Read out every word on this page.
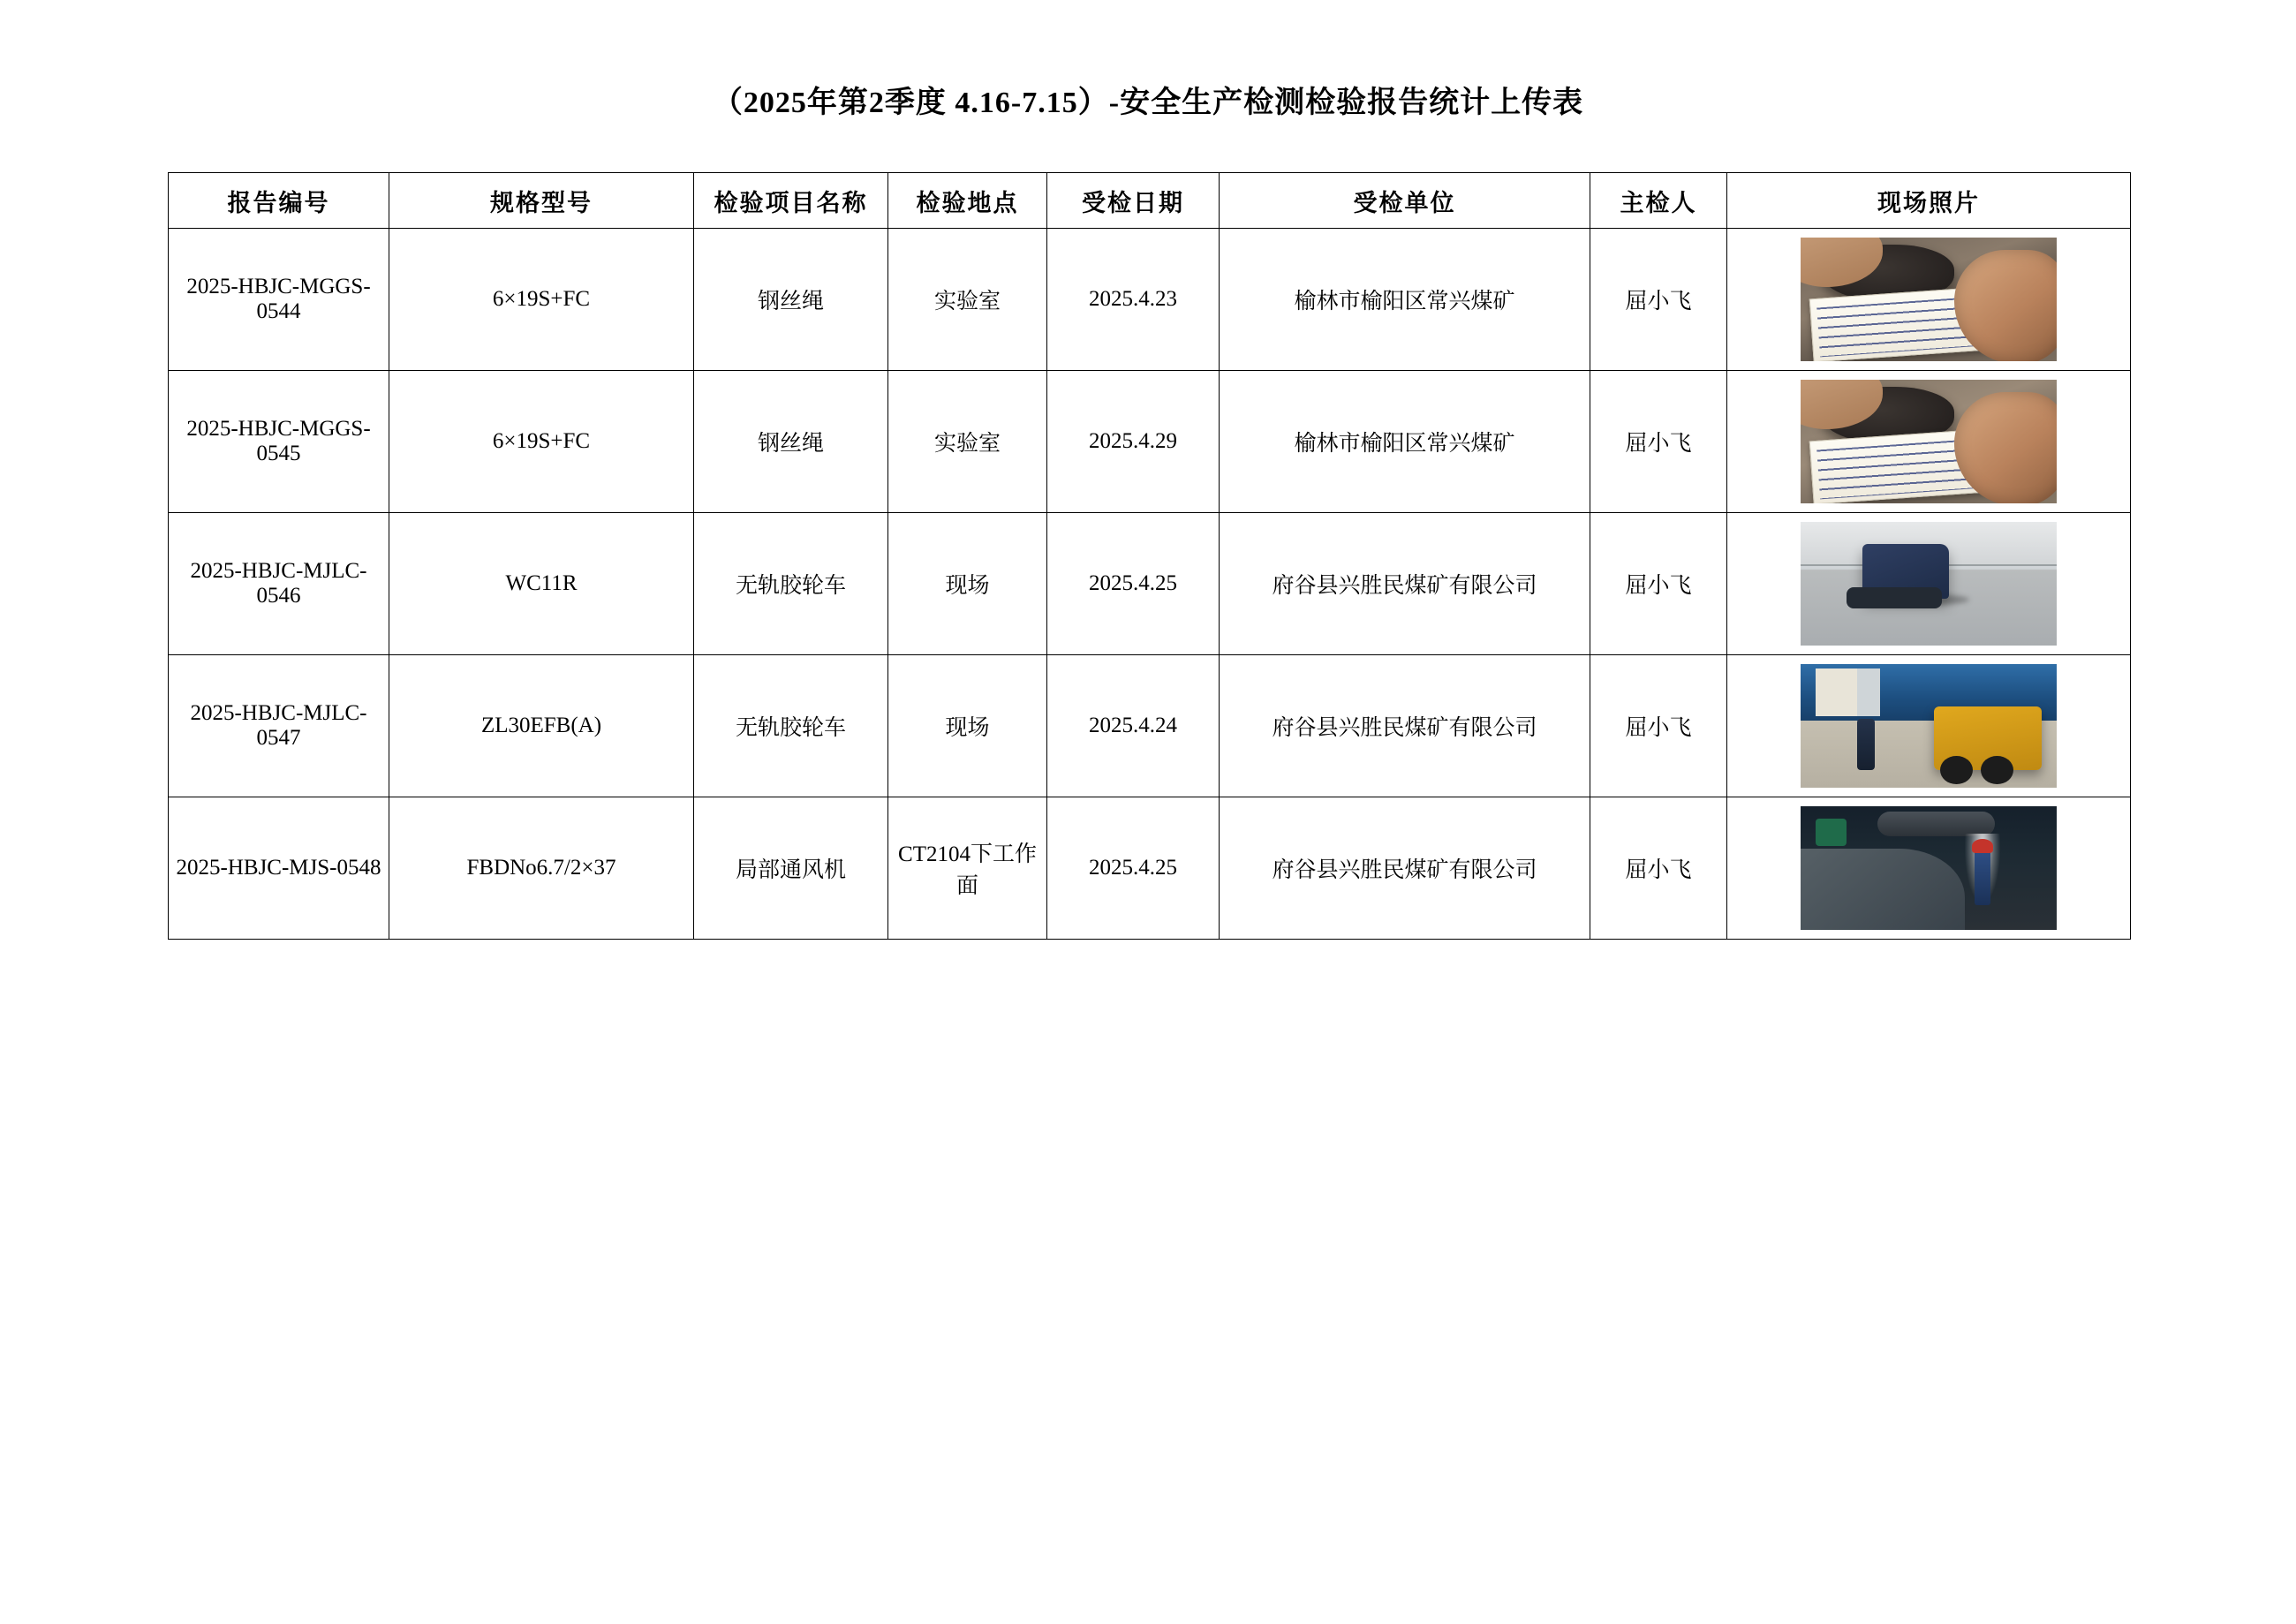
（2025年第2季度 4.16-7.15）-安全生产检测检验报告统计上传表
报告编号	规格型号	检验项目名称	检验地点	受检日期	受检单位	主检人	现场照片
2025-HBJC-MGGS-0544	6×19S+FC	钢丝绳	实验室	2025.4.23	榆林市榆阳区常兴煤矿	屈小飞	

2025-HBJC-MGGS-0545	6×19S+FC	钢丝绳	实验室	2025.4.29	榆林市榆阳区常兴煤矿	屈小飞	

2025-HBJC-MJLC-0546	WC11R	无轨胶轮车	现场	2025.4.25	府谷县兴胜民煤矿有限公司	屈小飞	

2025-HBJC-MJLC-0547	ZL30EFB(A)	无轨胶轮车	现场	2025.4.24	府谷县兴胜民煤矿有限公司	屈小飞	

2025-HBJC-MJS-0548	FBDNo6.7/2×37	局部通风机	CT2104下工作面	2025.4.25	府谷县兴胜民煤矿有限公司	屈小飞	
